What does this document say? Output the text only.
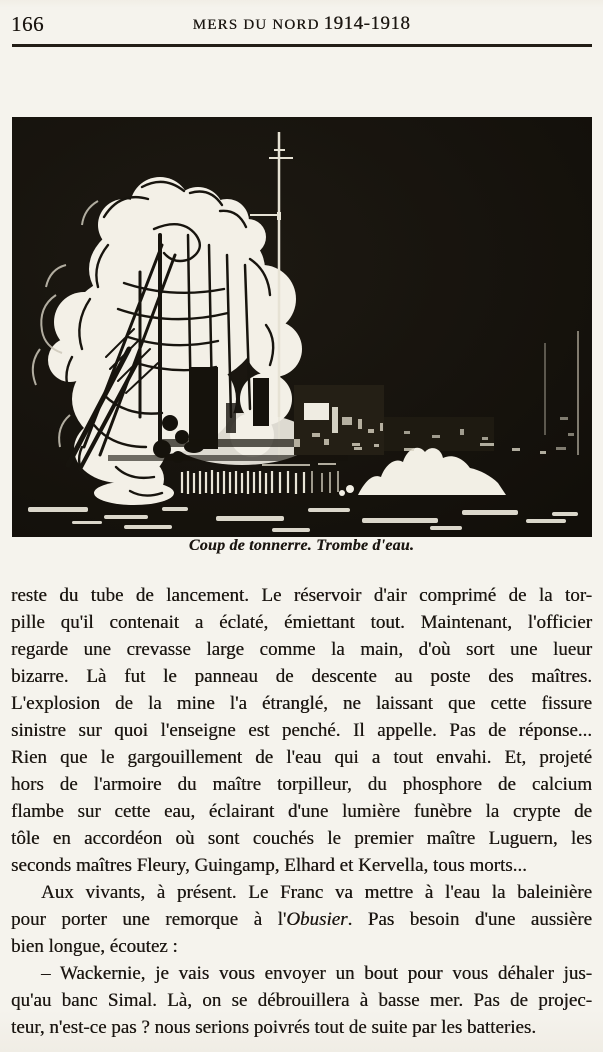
166	MERS DU NORD 1914-1918
Coup de tonnerre. Trombe d'eau.
reste du tube de lancement. Le réservoir d'air comprimé de la tor-
pille qu'il contenait a éclaté, émiettant tout. Maintenant, l'officier
regarde une crevasse large comme la main, d'où sort une lueur
bizarre. Là fut le panneau de descente au poste des maîtres.
L'explosion de la mine l'a étranglé, ne laissant que cette fissure
sinistre sur quoi l'enseigne est penché. Il appelle. Pas de réponse...
Rien que le gargouillement de l'eau qui a tout envahi. Et, projeté
hors de l'armoire du maître torpilleur, du phosphore de calcium
flambe sur cette eau, éclairant d'une lumière funèbre la crypte de
tôle en accordéon où sont couchés le premier maître Luguern, les
seconds maîtres Fleury, Guingamp, Elhard et Kervella, tous morts...
Aux vivants, à présent. Le Franc va mettre à l'eau la baleinière
pour porter une remorque à l'Obusier. Pas besoin d'une aussière
bien longue, écoutez :
– Wackernie, je vais vous envoyer un bout pour vous déhaler jus-
qu'au banc Simal. Là, on se débrouillera à basse mer. Pas de projec-
teur, n'est-ce pas ? nous serions poivrés tout de suite par les batteries.
